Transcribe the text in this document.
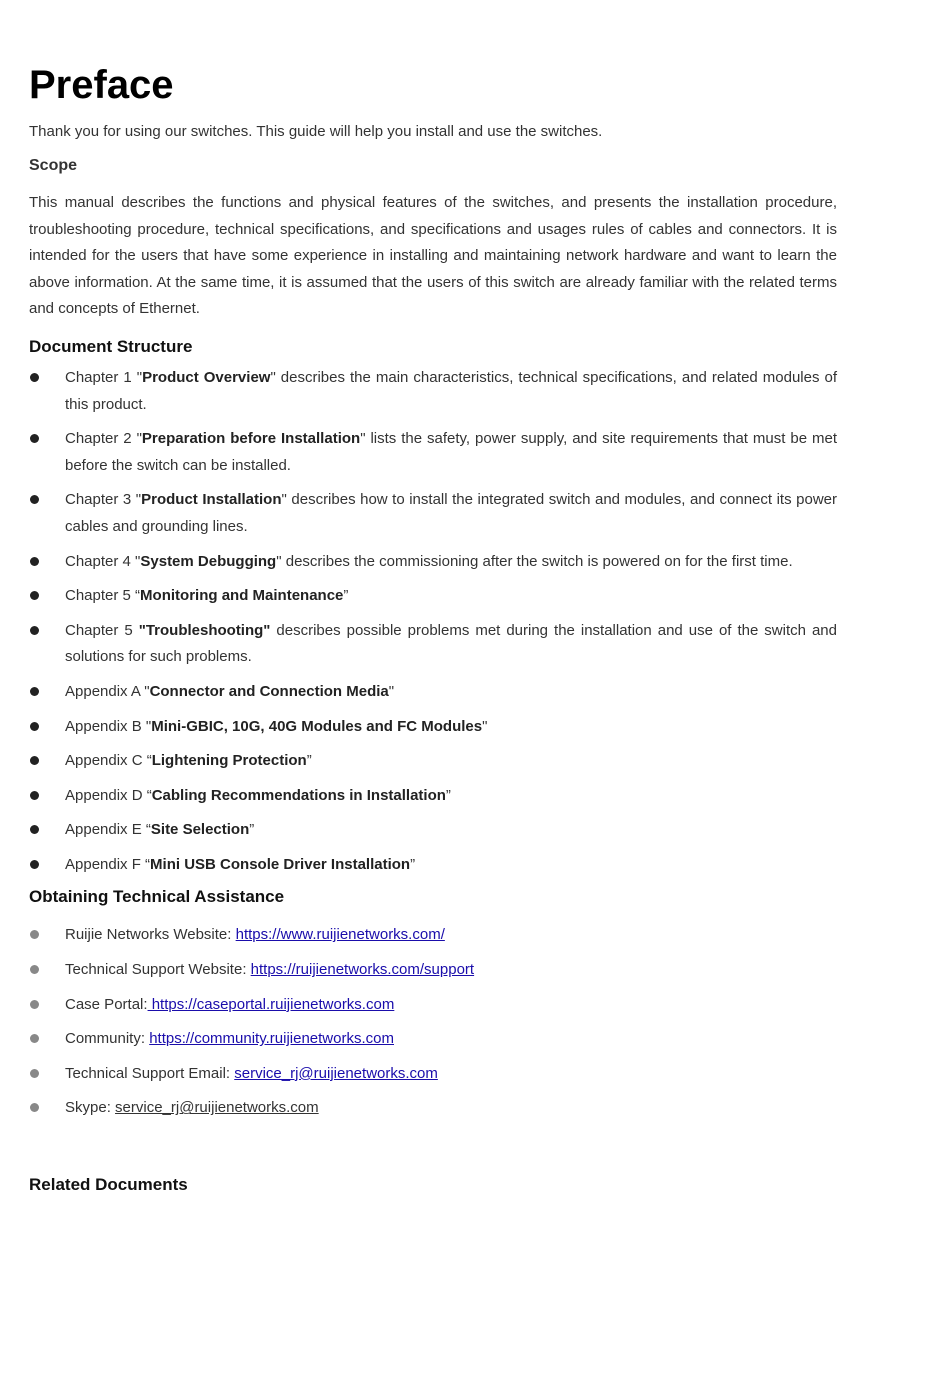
Preface

Thank you for using our switches. This guide will help you install and use the switches.

Scope

This manual describes the functions and physical features of the switches, and presents the installation procedure, troubleshooting procedure, technical specifications, and specifications and usages rules of cables and connectors. It is intended for the users that have some experience in installing and maintaining network hardware and want to learn the above information. At the same time, it is assumed that the users of this switch are already familiar with the related terms and concepts of Ethernet.

Document Structure
Chapter 1 "Product Overview" describes the main characteristics, technical specifications, and related modules of this product.
Chapter 2 "Preparation before Installation" lists the safety, power supply, and site requirements that must be met before the switch can be installed.
Chapter 3 "Product Installation" describes how to install the integrated switch and modules, and connect its power cables and grounding lines.
Chapter 4 "System Debugging" describes the commissioning after the switch is powered on for the first time.
Chapter 5 “Monitoring and Maintenance”
Chapter 5 "Troubleshooting" describes possible problems met during the installation and use of the switch and solutions for such problems.
Appendix A "Connector and Connection Media"
Appendix B "Mini-GBIC, 10G, 40G Modules and FC Modules"
Appendix C “Lightening Protection”
Appendix D “Cabling Recommendations in Installation”
Appendix E “Site Selection”
Appendix F “Mini USB Console Driver Installation”
Obtaining Technical Assistance
Ruijie Networks Website: https://www.ruijienetworks.com/
Technical Support Website: https://ruijienetworks.com/support
Case Portal: https://caseportal.ruijienetworks.com
Community: https://community.ruijienetworks.com
Technical Support Email: service_rj@ruijienetworks.com
Skype: service_rj@ruijienetworks.com
Related Documents
